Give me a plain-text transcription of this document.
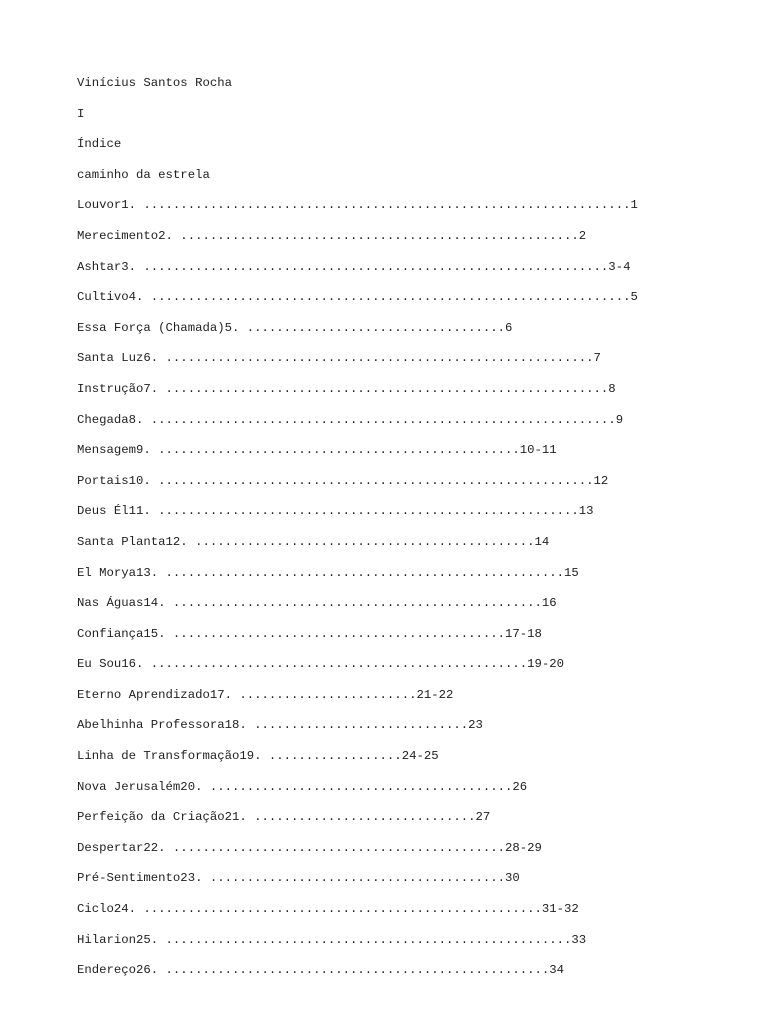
Vinícius Santos Rocha
I
Índice
caminho da estrela
Louvor1. ..................................................................1
Merecimento2. ......................................................2
Ashtar3. ...............................................................3-4
Cultivo4. .................................................................5
Essa Força (Chamada)5. ...................................6
Santa Luz6. ..........................................................7
Instrução7. ............................................................8
Chegada8. ...............................................................9
Mensagem9. .................................................10-11
Portais10. ...........................................................12
Deus Él11. .........................................................13
Santa Planta12. ..............................................14
El Morya13. ......................................................15
Nas Águas14. ..................................................16
Confiança15. .............................................17-18
Eu Sou16. ...................................................19-20
Eterno Aprendizado17. ........................21-22
Abelhinha Professora18. .............................23
Linha de Transformação19. ..................24-25
Nova Jerusalém20. .........................................26
Perfeição da Criação21. ..............................27
Despertar22. .............................................28-29
Pré-Sentimento23. ........................................30
Ciclo24. ......................................................31-32
Hilarion25. .......................................................33
Endereço26. ....................................................34
